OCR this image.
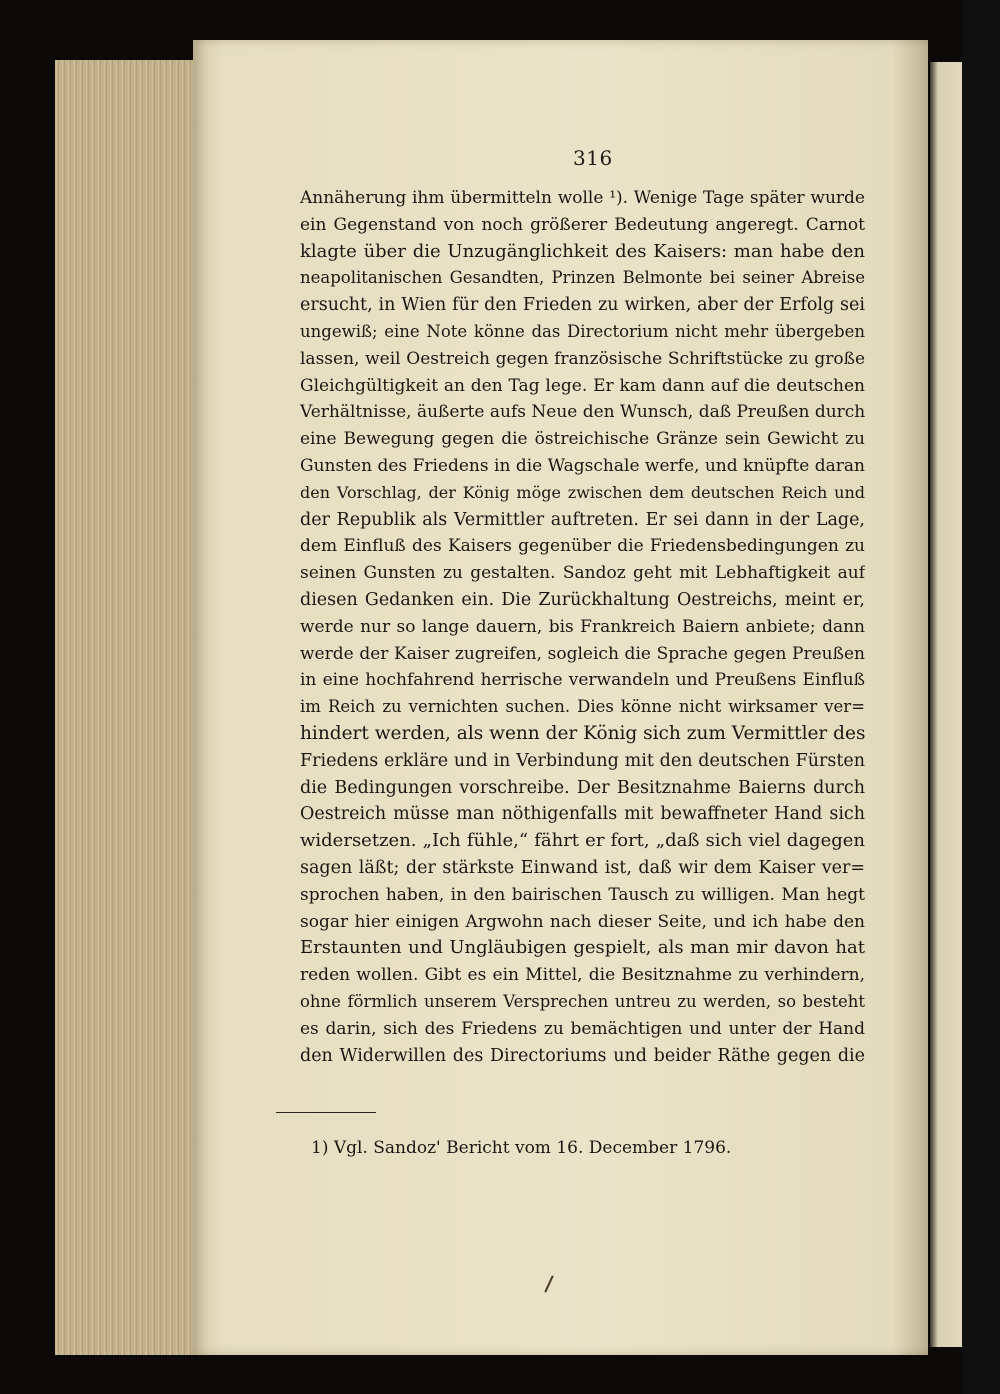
316
Annäherung ihm übermitteln wolle ¹). Wenige Tage später wurde
ein Gegenstand von noch größerer Bedeutung angeregt. Carnot
klagte über die Unzugänglichkeit des Kaisers: man habe den
neapolitanischen Gesandten, Prinzen Belmonte bei seiner Abreise
ersucht, in Wien für den Frieden zu wirken, aber der Erfolg sei
ungewiß; eine Note könne das Directorium nicht mehr übergeben
lassen, weil Oestreich gegen französische Schriftstücke zu große
Gleichgültigkeit an den Tag lege. Er kam dann auf die deutschen
Verhältnisse, äußerte aufs Neue den Wunsch, daß Preußen durch
eine Bewegung gegen die östreichische Gränze sein Gewicht zu
Gunsten des Friedens in die Wagschale werfe, und knüpfte daran
den Vorschlag, der König möge zwischen dem deutschen Reich und
der Republik als Vermittler auftreten. Er sei dann in der Lage,
dem Einfluß des Kaisers gegenüber die Friedensbedingungen zu
seinen Gunsten zu gestalten. Sandoz geht mit Lebhaftigkeit auf
diesen Gedanken ein. Die Zurückhaltung Oestreichs, meint er,
werde nur so lange dauern, bis Frankreich Baiern anbiete; dann
werde der Kaiser zugreifen, sogleich die Sprache gegen Preußen
in eine hochfahrend herrische verwandeln und Preußens Einfluß
im Reich zu vernichten suchen. Dies könne nicht wirksamer ver=
hindert werden, als wenn der König sich zum Vermittler des
Friedens erkläre und in Verbindung mit den deutschen Fürsten
die Bedingungen vorschreibe. Der Besitznahme Baierns durch
Oestreich müsse man nöthigenfalls mit bewaffneter Hand sich
widersetzen. „Ich fühle,“ fährt er fort, „daß sich viel dagegen
sagen läßt; der stärkste Einwand ist, daß wir dem Kaiser ver=
sprochen haben, in den bairischen Tausch zu willigen. Man hegt
sogar hier einigen Argwohn nach dieser Seite, und ich habe den
Erstaunten und Ungläubigen gespielt, als man mir davon hat
reden wollen. Gibt es ein Mittel, die Besitznahme zu verhindern,
ohne förmlich unserem Versprechen untreu zu werden, so besteht
es darin, sich des Friedens zu bemächtigen und unter der Hand
den Widerwillen des Directoriums und beider Räthe gegen die
1) Vgl. Sandoz' Bericht vom 16. December 1796.
